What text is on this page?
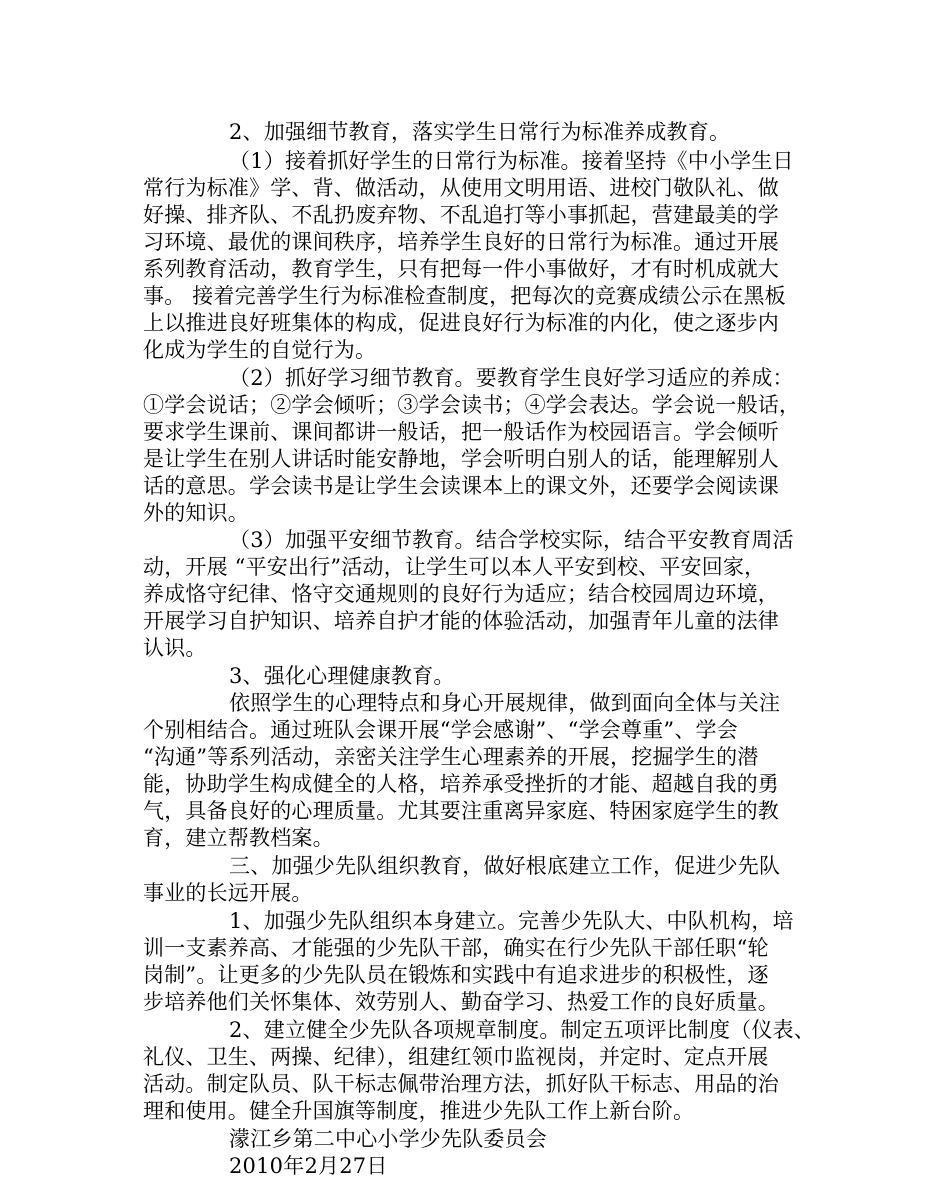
2、加强细节教育，落实学生日常行为标准养成教育。
（1）接着抓好学生的日常行为标准。接着坚持《中小学生日
常行为标准》学、背、做活动，从使用文明用语、进校门敬队礼、做
好操、排齐队、不乱扔废弃物、不乱追打等小事抓起，营建最美的学
习环境、最优的课间秩序，培养学生良好的日常行为标准。通过开展
系列教育活动，教育学生，只有把每一件小事做好，才有时机成就大
事。 接着完善学生行为标准检查制度，把每次的竞赛成绩公示在黑板
上以推进良好班集体的构成，促进良好行为标准的内化，使之逐步内
化成为学生的自觉行为。
（2）抓好学习细节教育。要教育学生良好学习适应的养成：
①学会说话；②学会倾听；③学会读书；④学会表达。学会说一般话，
要求学生课前、课间都讲一般话，把一般话作为校园语言。学会倾听
是让学生在别人讲话时能安静地，学会听明白别人的话，能理解别人
话的意思。学会读书是让学生会读课本上的课文外，还要学会阅读课
外的知识。
（3）加强平安细节教育。结合学校实际，结合平安教育周活
动，开展 “平安出行”活动，让学生可以本人平安到校、平安回家，
养成恪守纪律、恪守交通规则的良好行为适应；结合校园周边环境，
开展学习自护知识、培养自护才能的体验活动，加强青年儿童的法律
认识。
3、强化心理健康教育。
依照学生的心理特点和身心开展规律，做到面向全体与关注
个别相结合。通过班队会课开展“学会感谢”、“学会尊重”、学会
“沟通”等系列活动，亲密关注学生心理素养的开展，挖掘学生的潜
能，协助学生构成健全的人格，培养承受挫折的才能、超越自我的勇
气，具备良好的心理质量。尤其要注重离异家庭、特困家庭学生的教
育，建立帮教档案。
三、加强少先队组织教育，做好根底建立工作，促进少先队
事业的长远开展。
1、加强少先队组织本身建立。完善少先队大、中队机构，培
训一支素养高、才能强的少先队干部，确实在行少先队干部任职“轮
岗制”。让更多的少先队员在锻炼和实践中有追求进步的积极性，逐
步培养他们关怀集体、效劳别人、勤奋学习、热爱工作的良好质量。
2、建立健全少先队各项规章制度。制定五项评比制度（仪表、
礼仪、卫生、两操、纪律），组建红领巾监视岗，并定时、定点开展
活动。制定队员、队干标志佩带治理方法，抓好队干标志、用品的治
理和使用。健全升国旗等制度，推进少先队工作上新台阶。
濛江乡第二中心小学少先队委员会
2010年2月27日
